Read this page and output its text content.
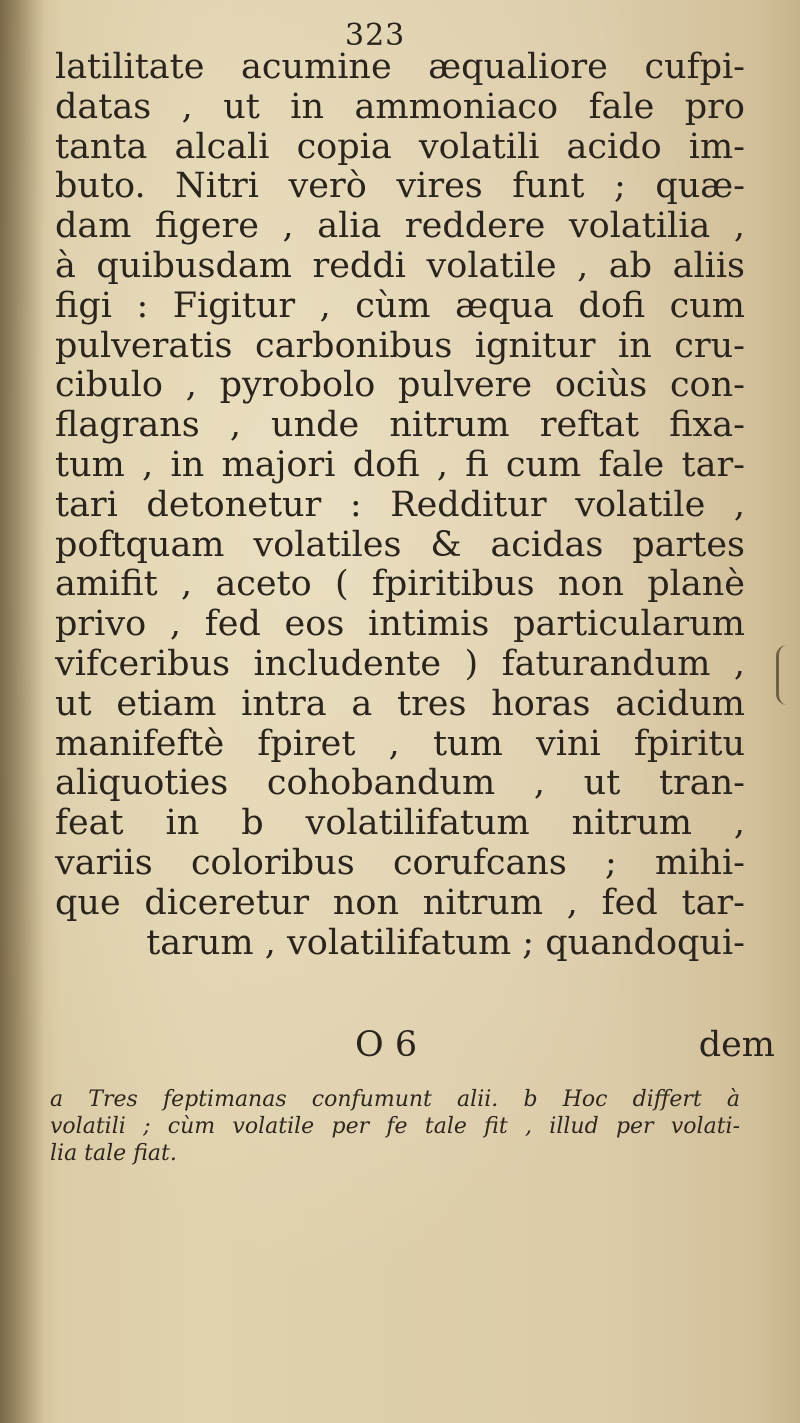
323
latilitate acumine æqualiore cufpi-
datas , ut in ammoniaco fale pro
tanta alcali copia volatili acido im-
buto. Nitri verò vires funt ; quæ-
dam figere , alia reddere volatilia ,
à quibusdam reddi volatile , ab aliis
figi : Figitur , cùm æqua dofi cum
pulveratis carbonibus ignitur in cru-
cibulo , pyrobolo pulvere ociùs con-
flagrans , unde nitrum reftat fixa-
tum , in majori dofi , fi cum fale tar-
tari detonetur : Redditur volatile ,
poftquam volatiles & acidas partes
amifit , aceto ( fpiritibus non planè
privo , fed eos intimis particularum
vifceribus includente ) faturandum ,
ut etiam intra a tres horas acidum
manifeftè fpiret , tum vini fpiritu
aliquoties cohobandum , ut tran-
feat in b volatilifatum nitrum ,
variis coloribus corufcans ; mihi-
que diceretur non nitrum , fed tar-
tarum , volatilifatum ; quandoqui-
O 6	dem
a Tres feptimanas confumunt alii. b Hoc differt à
volatili ; cùm volatile per fe tale fit , illud per volati-
lia tale fiat.
